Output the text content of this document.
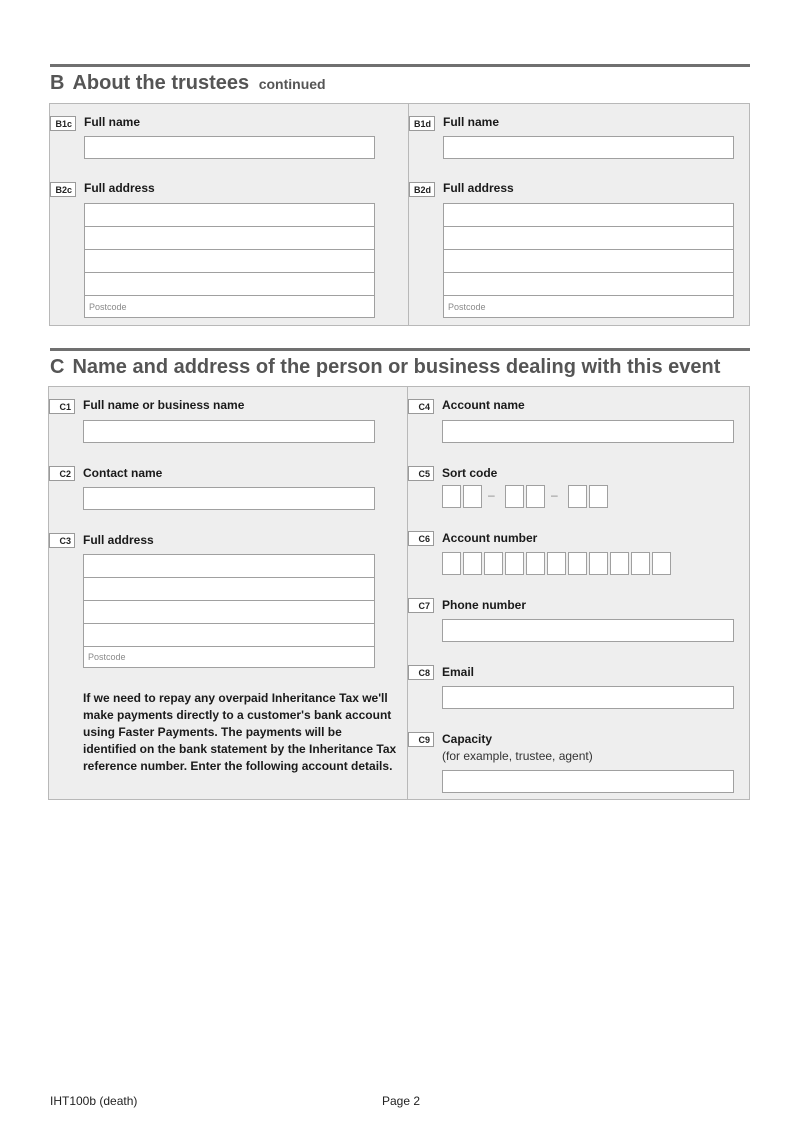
B About the trustees continued
B1c	Full name
B2c	Full address
Postcode
B1d	Full name
B2d	Full address
Postcode
C Name and address of the person or business dealing with this event
C1	Full name or business name
C2	Contact name
C3	Full address
Postcode
If we need to repay any overpaid Inheritance Tax we'll make payments directly to a customer's bank account using Faster Payments. The payments will be identified on the bank statement by the Inheritance Tax reference number. Enter the following account details.
C4	Account name
C5	Sort code
–	–
C6	Account number
C7	Phone number
C8	Email
C9	Capacity
(for example, trustee, agent)
IHT100b (death)	Page 2
